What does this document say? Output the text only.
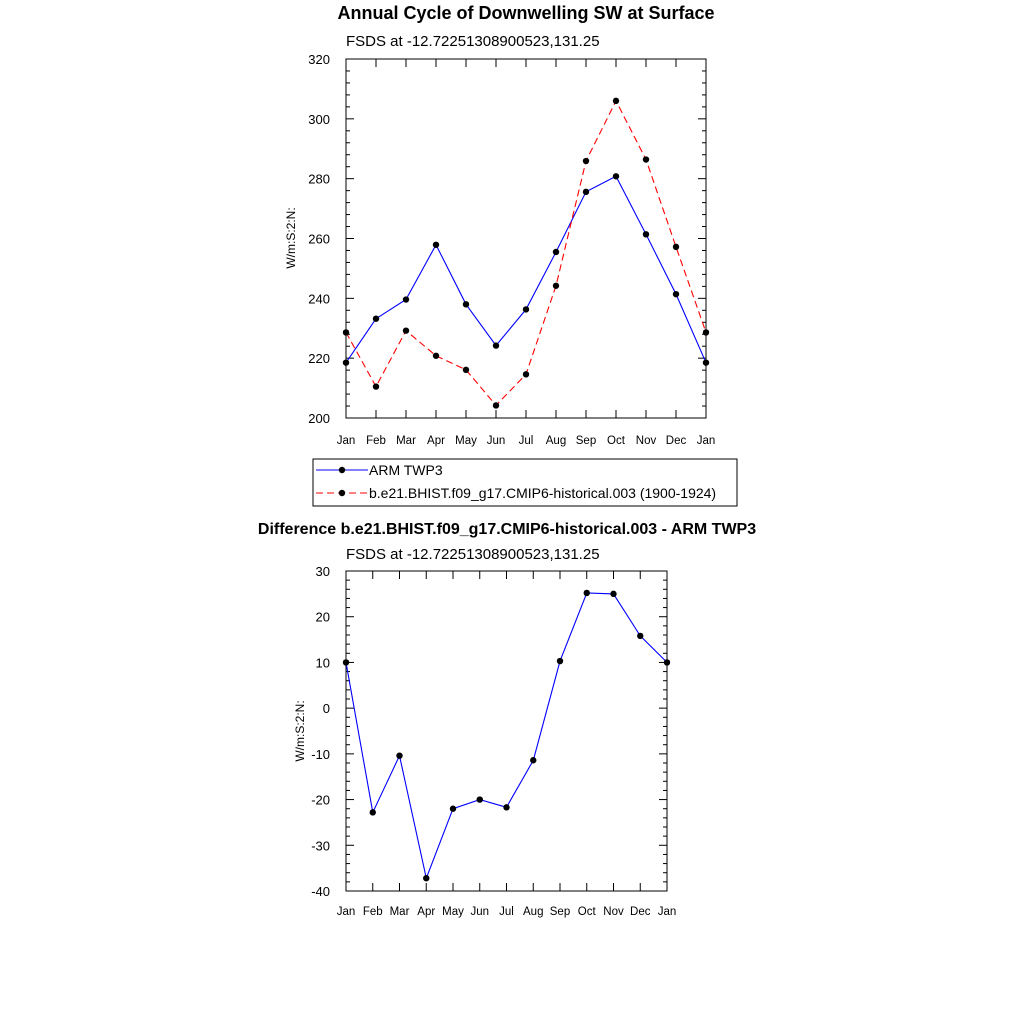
Annual Cycle of Downwelling SW at Surface
FSDS at -12.72251308900523,131.25
W/m:S:2:N:
200
220
240
260
280
300
320
Jan Feb Mar Apr May Jun Jul Aug Sep Oct Nov Dec Jan
ARM TWP3
b.e21.BHIST.f09_g17.CMIP6-historical.003 (1900-1924)
Difference b.e21.BHIST.f09_g17.CMIP6-historical.003 - ARM TWP3
FSDS at -12.72251308900523,131.25
W/m:S:2:N:
-40
-30
-20
-10
0
10
20
30
Jan Feb Mar Apr May Jun Jul Aug Sep Oct Nov Dec Jan
